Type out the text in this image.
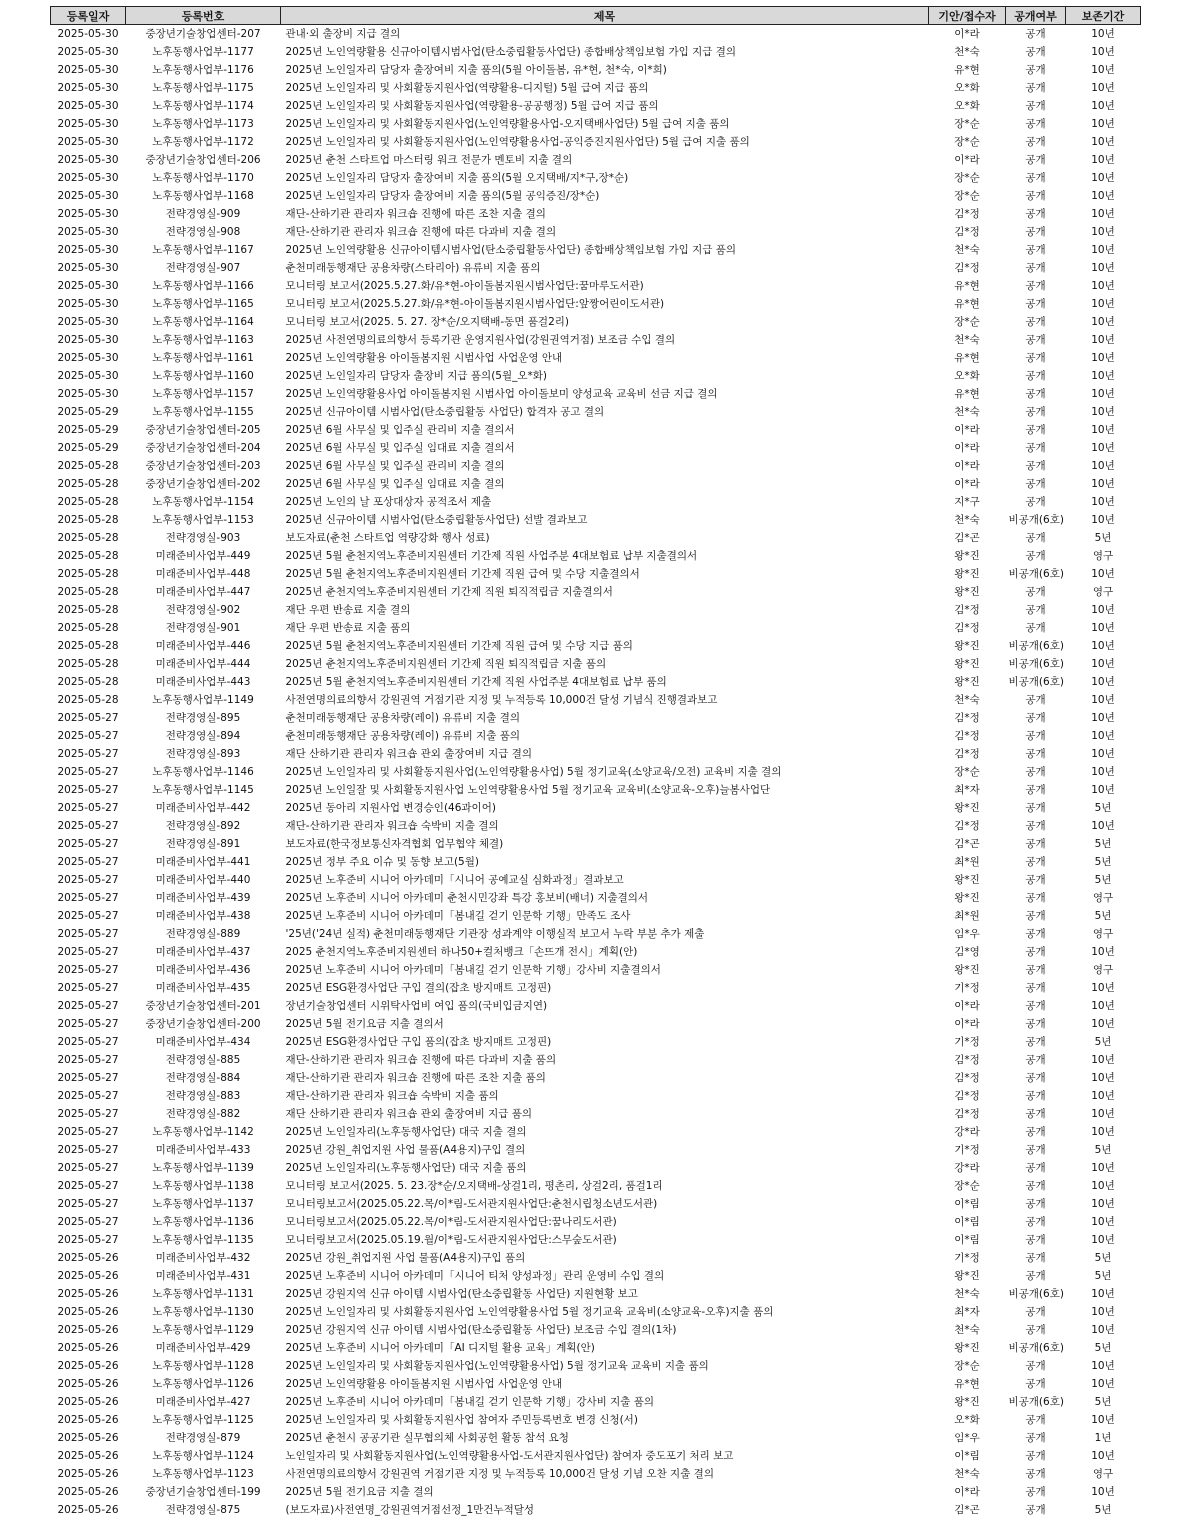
등록일자	등록번호	제목	기안/접수자	공개여부	보존기간
2025-05-30	중장년기술창업센터-207	관내·외 출장비 지급 결의	이*라	공개	10년
2025-05-30	노후동행사업부-1177	2025년 노인역량활용 신규아이템시범사업(탄소중립활동사업단) 종합배상책임보험 가입 지급 결의	천*숙	공개	10년
2025-05-30	노후동행사업부-1176	2025년 노인일자리 담당자 출장여비 지출 품의(5월 아이돌봄, 유*현, 천*숙, 이*희)	유*현	공개	10년
2025-05-30	노후동행사업부-1175	2025년 노인일자리 및 사회활동지원사업(역량활용-디지털) 5월 급여 지급 품의	오*화	공개	10년
2025-05-30	노후동행사업부-1174	2025년 노인일자리 및 사회활동지원사업(역량활용-공공행정) 5월 급여 지급 품의	오*화	공개	10년
2025-05-30	노후동행사업부-1173	2025년 노인일자리 및 사회활동지원사업(노인역량활용사업-오지택배사업단) 5월 급여 지출 품의	장*순	공개	10년
2025-05-30	노후동행사업부-1172	2025년 노인일자리 및 사회활동지원사업(노인역량활용사업-공익증진지원사업단) 5월 급여 지출 품의	장*순	공개	10년
2025-05-30	중장년기술창업센터-206	2025년 춘천 스타트업 마스터링 워크 전문가 멘토비 지출 결의	이*라	공개	10년
2025-05-30	노후동행사업부-1170	2025년 노인일자리 담당자 출장여비 지출 품의(5월 오지택배/지*구,장*순)	장*순	공개	10년
2025-05-30	노후동행사업부-1168	2025년 노인일자리 담당자 출장여비 지출 품의(5월 공익증진/장*순)	장*순	공개	10년
2025-05-30	전략경영실-909	재단-산하기관 관리자 워크숍 진행에 따른 조찬 지출 결의	김*정	공개	10년
2025-05-30	전략경영실-908	재단-산하기관 관리자 워크숍 진행에 따른 다과비 지출 결의	김*정	공개	10년
2025-05-30	노후동행사업부-1167	2025년 노인역량활용 신규아이템시범사업(탄소중립활동사업단) 종합배상책임보험 가입 지급 품의	천*숙	공개	10년
2025-05-30	전략경영실-907	춘천미래동행재단 공용차량(스타리아) 유류비 지출 품의	김*정	공개	10년
2025-05-30	노후동행사업부-1166	모니터링 보고서(2025.5.27.화/유*현-아이돌봄지원시범사업단:꿈마루도서관)	유*현	공개	10년
2025-05-30	노후동행사업부-1165	모니터링 보고서(2025.5.27.화/유*현-아이돌봄지원시범사업단:앞짱어린이도서관)	유*현	공개	10년
2025-05-30	노후동행사업부-1164	모니터링 보고서(2025. 5. 27. 장*순/오지택배-동면 품걸2리)	장*순	공개	10년
2025-05-30	노후동행사업부-1163	2025년 사전연명의료의향서 등록기관 운영지원사업(강원권역거점) 보조금 수입 결의	천*숙	공개	10년
2025-05-30	노후동행사업부-1161	2025년 노인역량활용 아이돌봄지원 시범사업 사업운영 안내	유*현	공개	10년
2025-05-30	노후동행사업부-1160	2025년 노인일자리 담당자 출장비 지급 품의(5월_오*화)	오*화	공개	10년
2025-05-30	노후동행사업부-1157	2025년 노인역량활용사업 아이돌봄지원 시범사업 아이돌보미 양성교육 교육비 선금 지급 결의	유*현	공개	10년
2025-05-29	노후동행사업부-1155	2025년 신규아이템 시범사업(탄소중립활동 사업단) 합격자 공고 결의	천*숙	공개	10년
2025-05-29	중장년기술창업센터-205	2025년 6월 사무실 및 입주실 관리비 지출 결의서	이*라	공개	10년
2025-05-29	중장년기술창업센터-204	2025년 6월 사무실 및 입주실 임대료 지출 결의서	이*라	공개	10년
2025-05-28	중장년기술창업센터-203	2025년 6월 사무실 및 입주실 관리비 지출 결의	이*라	공개	10년
2025-05-28	중장년기술창업센터-202	2025년 6월 사무실 및 입주실 임대료 지출 결의	이*라	공개	10년
2025-05-28	노후동행사업부-1154	2025년 노인의 날 포상대상자 공적조서 제출	지*구	공개	10년
2025-05-28	노후동행사업부-1153	2025년 신규아이템 시범사업(탄소중립활동사업단) 선발 결과보고	천*숙	비공개(6호)	10년
2025-05-28	전략경영실-903	보도자료(춘천 스타트업 역량강화 행사 성료)	김*곤	공개	5년
2025-05-28	미래준비사업부-449	2025년 5월 춘천지역노후준비지원센터 기간제 직원 사업주분 4대보험료 납부 지출결의서	왕*진	공개	영구
2025-05-28	미래준비사업부-448	2025년 5월 춘천지역노후준비지원센터 기간제 직원 급여 및 수당 지출결의서	왕*진	비공개(6호)	10년
2025-05-28	미래준비사업부-447	2025년 춘천지역노후준비지원센터 기간제 직원 퇴직적립금 지출결의서	왕*진	공개	영구
2025-05-28	전략경영실-902	재단 우편 반송료 지출 결의	김*정	공개	10년
2025-05-28	전략경영실-901	재단 우편 반송료 지출 품의	김*정	공개	10년
2025-05-28	미래준비사업부-446	2025년 5월 춘천지역노후준비지원센터 기간제 직원 급여 및 수당 지급 품의	왕*진	비공개(6호)	10년
2025-05-28	미래준비사업부-444	2025년 춘천지역노후준비지원센터 기간제 직원 퇴직적립금 지출 품의	왕*진	비공개(6호)	10년
2025-05-28	미래준비사업부-443	2025년 5월 춘천지역노후준비지원센터 기간제 직원 사업주분 4대보험료 납부 품의	왕*진	비공개(6호)	10년
2025-05-28	노후동행사업부-1149	사전연명의료의향서 강원권역 거점기관 지정 및 누적등록 10,000건 달성 기념식 진행결과보고	천*숙	공개	10년
2025-05-27	전략경영실-895	춘천미래동행재단 공용차량(레이) 유류비 지출 결의	김*정	공개	10년
2025-05-27	전략경영실-894	춘천미래동행재단 공용차량(레이) 유류비 지출 품의	김*정	공개	10년
2025-05-27	전략경영실-893	재단 산하기관 관리자 워크숍 관외 출장여비 지급 결의	김*정	공개	10년
2025-05-27	노후동행사업부-1146	2025년 노인일자리 및 사회활동지원사업(노인역량활용사업) 5월 정기교육(소양교육/오전) 교육비 지출 결의	장*순	공개	10년
2025-05-27	노후동행사업부-1145	2025년 노인일잘 및 사회활동지원사업 노인역량활용사업 5월 정기교육 교육비(소양교육-오후)늘봄사업단	최*자	공개	10년
2025-05-27	미래준비사업부-442	2025년 동아리 지원사업 변경승인(46과이어)	왕*진	공개	5년
2025-05-27	전략경영실-892	재단-산하기관 관리자 워크숍 숙박비 지출 결의	김*정	공개	10년
2025-05-27	전략경영실-891	보도자료(한국정보통신자격협회 업무협약 체결)	김*곤	공개	5년
2025-05-27	미래준비사업부-441	2025년 정부 주요 이슈 및 동향 보고(5월)	최*원	공개	5년
2025-05-27	미래준비사업부-440	2025년 노후준비 시니어 아카데미「시니어 공예교실 심화과정」결과보고	왕*진	공개	5년
2025-05-27	미래준비사업부-439	2025년 노후준비 시니어 아카데미 춘천시민강좌 특강 홍보비(배너) 지출결의서	왕*진	공개	영구
2025-05-27	미래준비사업부-438	2025년 노후준비 시니어 아카데미「봄내길 걷기 인문학 기행」만족도 조사	최*원	공개	5년
2025-05-27	전략경영실-889	'25년('24년 실적) 춘천미래동행재단 기관장 성과계약 이행실적 보고서 누락 부분 추가 제출	임*우	공개	영구
2025-05-27	미래준비사업부-437	2025 춘천지역노후준비지원센터 하나50+컬처뱅크「손뜨개 전시」계획(안)	김*영	공개	10년
2025-05-27	미래준비사업부-436	2025년 노후준비 시니어 아카데미「봄내길 걷기 인문학 기행」강사비 지출결의서	왕*진	공개	영구
2025-05-27	미래준비사업부-435	2025년 ESG환경사업단 구입 결의(잡초 방지매트 고정핀)	기*정	공개	10년
2025-05-27	중장년기술창업센터-201	장년기술창업센터 시위탁사업비 여입 품의(국비입금지연)	이*라	공개	10년
2025-05-27	중장년기술창업센터-200	2025년 5월 전기요금 지출 결의서	이*라	공개	10년
2025-05-27	미래준비사업부-434	2025년 ESG환경사업단 구입 품의(잡초 방지매트 고정핀)	기*정	공개	5년
2025-05-27	전략경영실-885	재단-산하기관 관리자 워크숍 진행에 따른 다과비 지출 품의	김*정	공개	10년
2025-05-27	전략경영실-884	재단-산하기관 관리자 워크숍 진행에 따른 조찬 지출 품의	김*정	공개	10년
2025-05-27	전략경영실-883	재단-산하기관 관리자 워크숍 숙박비 지출 품의	김*정	공개	10년
2025-05-27	전략경영실-882	재단 산하기관 관리자 워크숍 관외 출장여비 지급 품의	김*정	공개	10년
2025-05-27	노후동행사업부-1142	2025년 노인일자리(노후동행사업단) 대국 지출 결의	강*라	공개	10년
2025-05-27	미래준비사업부-433	2025년 강원_취업지원 사업 물품(A4용지)구입 결의	기*정	공개	5년
2025-05-27	노후동행사업부-1139	2025년 노인일자리(노후동행사업단) 대국 지출 품의	강*라	공개	10년
2025-05-27	노후동행사업부-1138	모니터링 보고서(2025. 5. 23.장*순/오지택배-상걸1리, 평촌리, 상걸2리, 품걸1리	장*순	공개	10년
2025-05-27	노후동행사업부-1137	모니터링보고서(2025.05.22.목/이*림-도서관지원사업단:춘천시립청소년도서관)	이*림	공개	10년
2025-05-27	노후동행사업부-1136	모니터링보고서(2025.05.22.목/이*림-도서관지원사업단:꿈나리도서관)	이*림	공개	10년
2025-05-27	노후동행사업부-1135	모니터링보고서(2025.05.19.월/이*림-도서관지원사업단:스무숲도서관)	이*림	공개	10년
2025-05-26	미래준비사업부-432	2025년 강원_취업지원 사업 물품(A4용지)구입 품의	기*정	공개	5년
2025-05-26	미래준비사업부-431	2025년 노후준비 시니어 아카데미「시니어 티처 양성과정」관리 운영비 수입 결의	왕*진	공개	5년
2025-05-26	노후동행사업부-1131	2025년 강원지역 신규 아이템 시범사업(탄소중립활동 사업단) 지원현황 보고	천*숙	비공개(6호)	10년
2025-05-26	노후동행사업부-1130	2025년 노인일자리 및 사회활동지원사업 노인역량활용사업 5월 정기교육 교육비(소양교육-오후)지출 품의	최*자	공개	10년
2025-05-26	노후동행사업부-1129	2025년 강원지역 신규 아이템 시범사업(탄소중립활동 사업단) 보조금 수입 결의(1차)	천*숙	공개	10년
2025-05-26	미래준비사업부-429	2025년 노후준비 시니어 아카데미「AI 디지털 활용 교육」계획(안)	왕*진	비공개(6호)	5년
2025-05-26	노후동행사업부-1128	2025년 노인일자리 및 사회활동지원사업(노인역량활용사업) 5월 정기교육 교육비 지출 품의	장*순	공개	10년
2025-05-26	노후동행사업부-1126	2025년 노인역량활용 아이돌봄지원 시범사업 사업운영 안내	유*현	공개	10년
2025-05-26	미래준비사업부-427	2025년 노후준비 시니어 아카데미「봄내길 걷기 인문학 기행」강사비 지출 품의	왕*진	비공개(6호)	5년
2025-05-26	노후동행사업부-1125	2025년 노인일자리 및 사회활동지원사업 참여자 주민등록번호 변경 신청(서)	오*화	공개	10년
2025-05-26	전략경영실-879	2025년 춘천시 공공기관 실무협의체 사회공헌 활동 참석 요청	임*우	공개	1년
2025-05-26	노후동행사업부-1124	노인일자리 및 사회활동지원사업(노인역량활용사업-도서관지원사업단) 참여자 중도포기 처리 보고	이*림	공개	10년
2025-05-26	노후동행사업부-1123	사전연명의료의향서 강원권역 거점기관 지정 및 누적등록 10,000건 달성 기념 오찬 지출 결의	천*숙	공개	영구
2025-05-26	중장년기술창업센터-199	2025년 5월 전기요금 지출 결의	이*라	공개	10년
2025-05-26	전략경영실-875	(보도자료)사전연명_강원권역거점선정_1만건누적달성	김*곤	공개	5년
